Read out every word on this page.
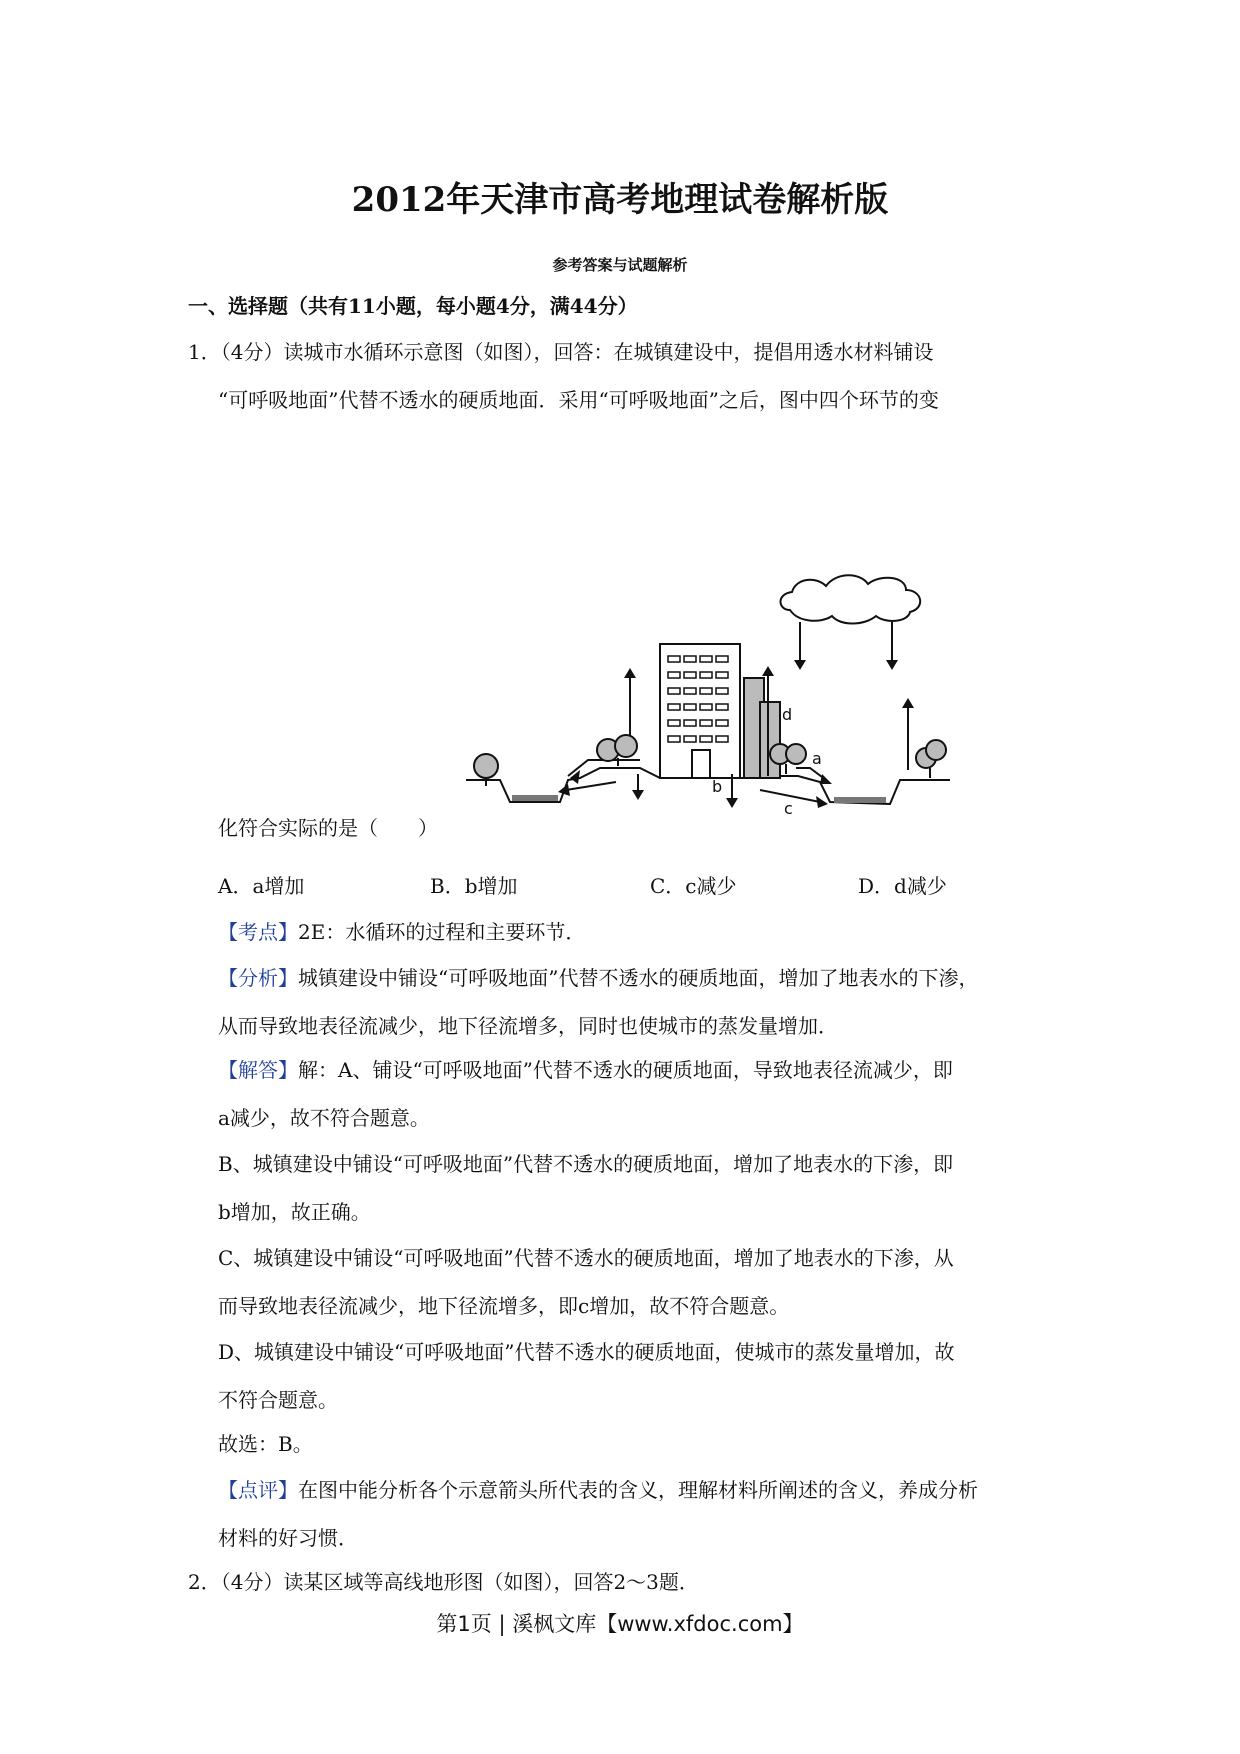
2012年天津市高考地理试卷解析版
参考答案与试题解析
一、选择题（共有11小题，每小题4分，满44分）
1．（4分）读城市水循环示意图（如图），回答：在城镇建设中，提倡用透水材料铺设
“可呼吸地面”代替不透水的硬质地面．采用“可呼吸地面”之后，图中四个环节的变
d
a
b
c
化符合实际的是（　　）
A．a增加	B．b增加	C．c减少	D．d减少
【考点】2E：水循环的过程和主要环节．
【分析】城镇建设中铺设“可呼吸地面”代替不透水的硬质地面，增加了地表水的下渗，
从而导致地表径流减少，地下径流增多，同时也使城市的蒸发量增加．
【解答】解：A、铺设“可呼吸地面”代替不透水的硬质地面，导致地表径流减少，即
a减少，故不符合题意。
B、城镇建设中铺设“可呼吸地面”代替不透水的硬质地面，增加了地表水的下渗，即
b增加，故正确。
C、城镇建设中铺设“可呼吸地面”代替不透水的硬质地面，增加了地表水的下渗，从
而导致地表径流减少，地下径流增多，即c增加，故不符合题意。
D、城镇建设中铺设“可呼吸地面”代替不透水的硬质地面，使城市的蒸发量增加，故
不符合题意。
故选：B。
【点评】在图中能分析各个示意箭头所代表的含义，理解材料所阐述的含义，养成分析
材料的好习惯．
2．（4分）读某区域等高线地形图（如图），回答2～3题．
第1页 | 溪枫文库【www.xfdoc.com】
